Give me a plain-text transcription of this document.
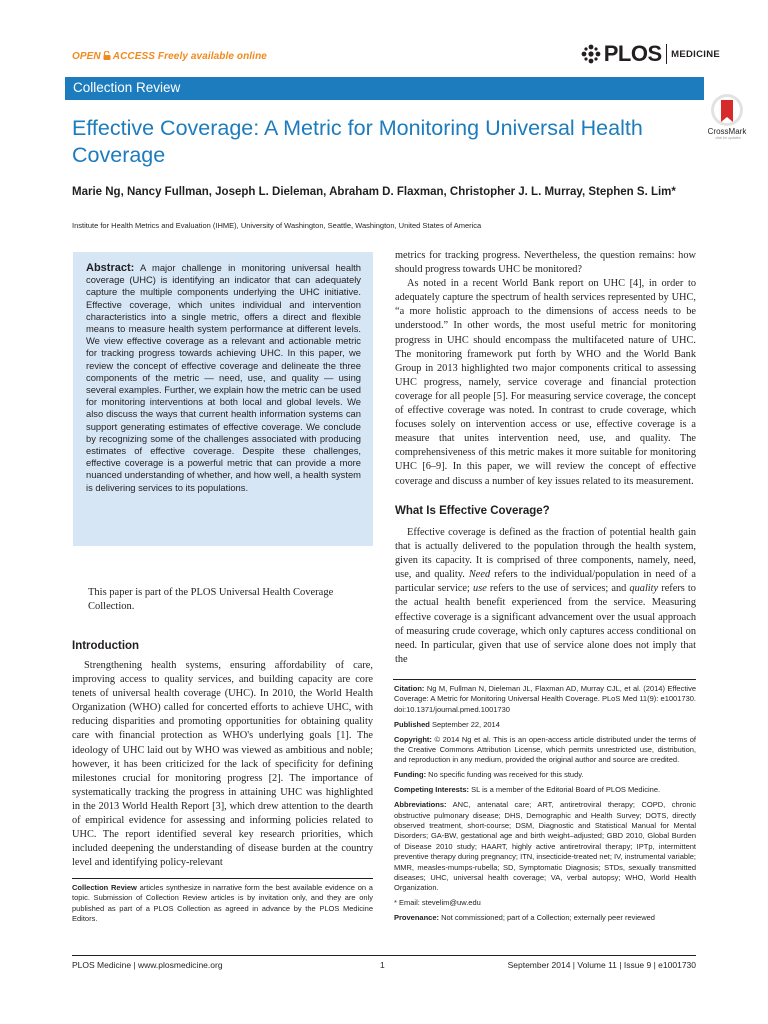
OPEN ACCESS Freely available online	PLOS MEDICINE
Collection Review
CrossMark
click for updates
Effective Coverage: A Metric for Monitoring Universal Health Coverage
Marie Ng, Nancy Fullman, Joseph L. Dieleman, Abraham D. Flaxman, Christopher J. L. Murray, Stephen S. Lim*
Institute for Health Metrics and Evaluation (IHME), University of Washington, Seattle, Washington, United States of America

Abstract: A major challenge in monitoring universal health coverage (UHC) is identifying an indicator that can adequately capture the multiple components underlying the UHC initiative. Effective coverage, which unites individual and intervention characteristics into a single metric, offers a direct and flexible means to measure health system performance at different levels. We view effective coverage as a relevant and actionable metric for tracking progress towards achieving UHC. In this paper, we review the concept of effective coverage and delineate the three components of the metric — need, use, and quality — using several examples. Further, we explain how the metric can be used for monitoring interventions at both local and global levels. We also discuss the ways that current health information systems can support generating estimates of effective coverage. We conclude by recognizing some of the challenges associated with producing estimates of effective coverage. Despite these challenges, effective coverage is a powerful metric that can provide a more nuanced understanding of whether, and how well, a health system is delivering services to its populations.

This paper is part of the PLOS Universal Health Coverage Collection.
Introduction

Strengthening health systems, ensuring affordability of care, improving access to quality services, and building capacity are core tenets of universal health coverage (UHC). In 2010, the World Health Organization (WHO) called for concerted efforts to achieve UHC, with reducing disparities and promoting opportunities for obtaining quality care with financial protection as WHO's underlying goals [1]. The ideology of UHC laid out by WHO was viewed as ambitious and noble; however, it has been criticized for the lack of specificity for defining milestones crucial for monitoring progress [2]. The importance of systematically tracking the progress in attaining UHC was highlighted in the 2013 World Health Report [3], which drew attention to the dearth of empirical evidence for assessing and informing policies related to UHC. The report identified several key research priorities, which included deepening the understanding of disease burden at the country level and identifying policy-relevant

Collection Review articles synthesize in narrative form the best available evidence on a topic. Submission of Collection Review articles is by invitation only, and they are only published as part of a PLOS Collection as agreed in advance by the PLOS Medicine Editors.

metrics for tracking progress. Nevertheless, the question remains: how should progress towards UHC be monitored?

As noted in a recent World Bank report on UHC [4], in order to adequately capture the spectrum of health services represented by UHC, “a more holistic approach to the dimensions of access needs to be understood.” In other words, the most useful metric for monitoring progress in UHC should encompass the multifaceted nature of UHC. The monitoring framework put forth by WHO and the World Bank Group in 2013 highlighted two major components critical to assessing UHC progress, namely, service coverage and financial protection coverage for all people [5]. For measuring service coverage, the concept of effective coverage was noted. In contrast to crude coverage, which focuses solely on intervention access or use, effective coverage is a measure that unites intervention need, use, and quality. The comprehensiveness of this metric makes it more suitable for monitoring UHC [6–9]. In this paper, we will review the concept of effective coverage and discuss a number of key issues related to its measurement.

What Is Effective Coverage?

Effective coverage is defined as the fraction of potential health gain that is actually delivered to the population through the health system, given its capacity. It is comprised of three components, namely, need, use, and quality. Need refers to the individual/population in need of a particular service; use refers to the use of services; and quality refers to the actual health benefit experienced from the service. Measuring effective coverage is a significant advancement over the usual approach of measuring crude coverage, which only captures access conditional on need. In particular, given that use of service alone does not imply that the

Citation: Ng M, Fullman N, Dieleman JL, Flaxman AD, Murray CJL, et al. (2014) Effective Coverage: A Metric for Monitoring Universal Health Coverage. PLoS Med 11(9): e1001730. doi:10.1371/journal.pmed.1001730
Published September 22, 2014
Copyright: © 2014 Ng et al. This is an open-access article distributed under the terms of the Creative Commons Attribution License, which permits unrestricted use, distribution, and reproduction in any medium, provided the original author and source are credited.
Funding: No specific funding was received for this study.
Competing Interests: SL is a member of the Editorial Board of PLOS Medicine.
Abbreviations: ANC, antenatal care; ART, antiretroviral therapy; COPD, chronic obstructive pulmonary disease; DHS, Demographic and Health Survey; DOTS, directly observed treatment, short-course; DSM, Diagnostic and Statistical Manual for Mental Disorders; GA-BW, gestational age and birth weight–adjusted; GBD 2010, Global Burden of Disease 2010 study; HAART, highly active antiretroviral therapy; IPTp, intermittent preventive therapy during pregnancy; ITN, insecticide-treated net; IV, instrumental variable; MMR, measles-mumps-rubella; SD, Symptomatic Diagnosis; STDs, sexually transmitted diseases; UHC, universal health coverage; VA, verbal autopsy; WHO, World Health Organization.
* Email: stevelim@uw.edu
Provenance: Not commissioned; part of a Collection; externally peer reviewed
PLOS Medicine | www.plosmedicine.org	1	September 2014 | Volume 11 | Issue 9 | e1001730
